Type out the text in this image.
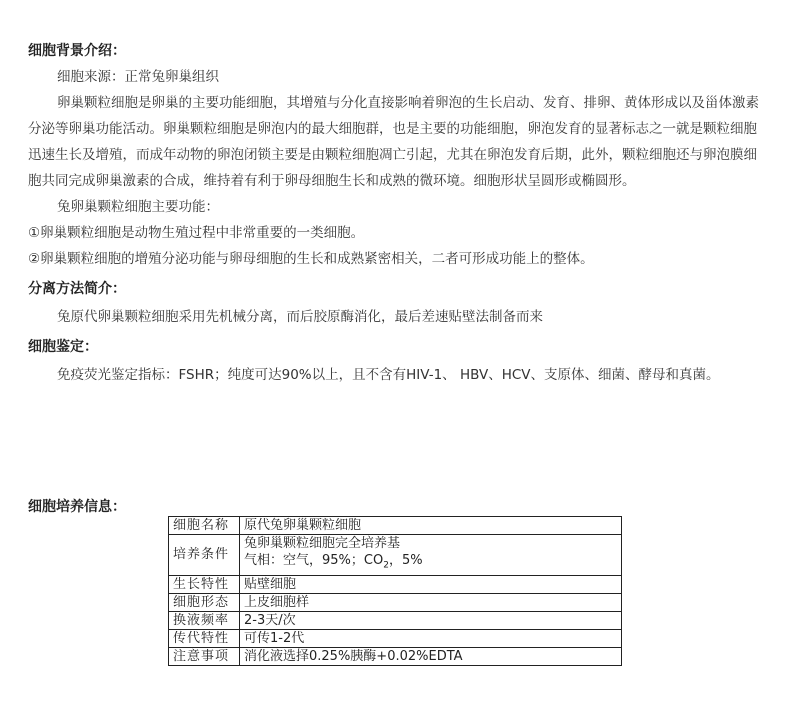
细胞背景介绍：

细胞来源：正常兔卵巢组织

卵巢颗粒细胞是卵巢的主要功能细胞，其增殖与分化直接影响着卵泡的生长启动、发育、排卵、黄体形成以及甾体激素分泌等卵巢功能活动。卵巢颗粒细胞是卵泡内的最大细胞群，也是主要的功能细胞，卵泡发育的显著标志之一就是颗粒细胞迅速生长及增殖，而成年动物的卵泡闭锁主要是由颗粒细胞凋亡引起，尤其在卵泡发育后期，此外，颗粒细胞还与卵泡膜细胞共同完成卵巢激素的合成，维持着有利于卵母细胞生长和成熟的微环境。细胞形状呈圆形或椭圆形。

兔卵巢颗粒细胞主要功能：

①卵巢颗粒细胞是动物生殖过程中非常重要的一类细胞。

②卵巢颗粒细胞的增殖分泌功能与卵母细胞的生长和成熟紧密相关，二者可形成功能上的整体。

分离方法简介：

兔原代卵巢颗粒细胞采用先机械分离，而后胶原酶消化，最后差速贴壁法制备而来

细胞鉴定：

免疫荧光鉴定指标：FSHR；纯度可达90%以上，且不含有HIV-1、 HBV、HCV、支原体、细菌、酵母和真菌。

细胞培养信息：

细胞名称	原代兔卵巢颗粒细胞
培养条件	兔卵巢颗粒细胞完全培养基
气相：空气，95%；$CO_2$，5%

生长特性	贴壁细胞
细胞形态	上皮细胞样
换液频率	2-3天/次
传代特性	可传1-2代
注意事项	消化液选择0.25%胰酶+0.02%EDTA
